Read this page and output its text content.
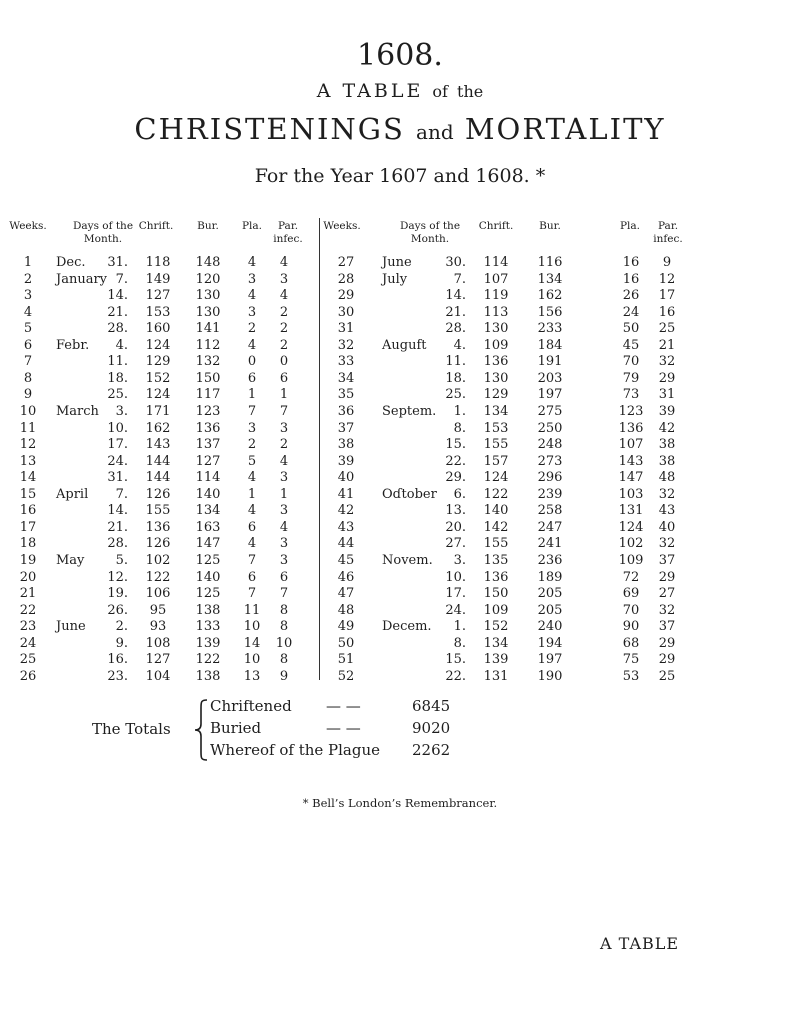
1608.
A TABLE of the
CHRISTENINGS and MORTALITY
For the Year 1607 and 1608. *
Weeks.	Days of the
Month.
Chrift.	Bur.	Pla.	Par.
infec.
Weeks.	Days of the
Month.
Chrift.	Bur.	Pla.	Par.
infec.
1	Dec.	31.	118	148	4	4
2	January 7.	149	120	3	3
3	14.	127	130	4	4
4	21.	153	130	3	2
5	28.	160	141	2	2
6	Febr.	4.	124	112	4	2
7	11.	129	132	0	0
8	18.	152	150	6	6
9	25.	124	117	1	1
10	March	3.	171	123	7	7
11	10.	162	136	3	3
12	17.	143	137	2	2
13	24.	144	127	5	4
14	31.	144	114	4	3
15	April	7.	126	140	1	1
16	14.	155	134	4	3
17	21.	136	163	6	4
18	28.	126	147	4	3
19	May	5.	102	125	7	3
20	12.	122	140	6	6
21	19.	106	125	7	7
22	26.	95	138	11	8
23	June	2.	93	133	10	8
24	9.	108	139	14	10
25	16.	127	122	10	8
26	23.	104	138	13	9
27	June	30.	114	116	16	9
28	July	7.	107	134	16	12
29	14.	119	162	26	17
30	21.	113	156	24	16
31	28.	130	233	50	25
32	Auguft	4.	109	184	45	21
33	11.	136	191	70	32
34	18.	130	203	79	29
35	25.	129	197	73	31
36	Septem.	1.	134	275	123	39
37	8.	153	250	136	42
38	15.	155	248	107	38
39	22.	157	273	143	38
40	29.	124	296	147	48
41	Oɗtober	6.	122	239	103	32
42	13.	140	258	131	43
43	20.	142	247	124	40
44	27.	155	241	102	32
45	Novem.	3.	135	236	109	37
46	10.	136	189	72	29
47	17.	150	205	69	27
48	24.	109	205	70	32
49	Decem.	1.	152	240	90	37
50	8.	134	194	68	29
51	15.	139	197	75	29
52	22.	131	190	53	25
The Totals
Chriftened — —	6845
Buried	— —	9020
Whereof of the Plague 2262
* Bell’s London’s Remembrancer.
A TABLE
